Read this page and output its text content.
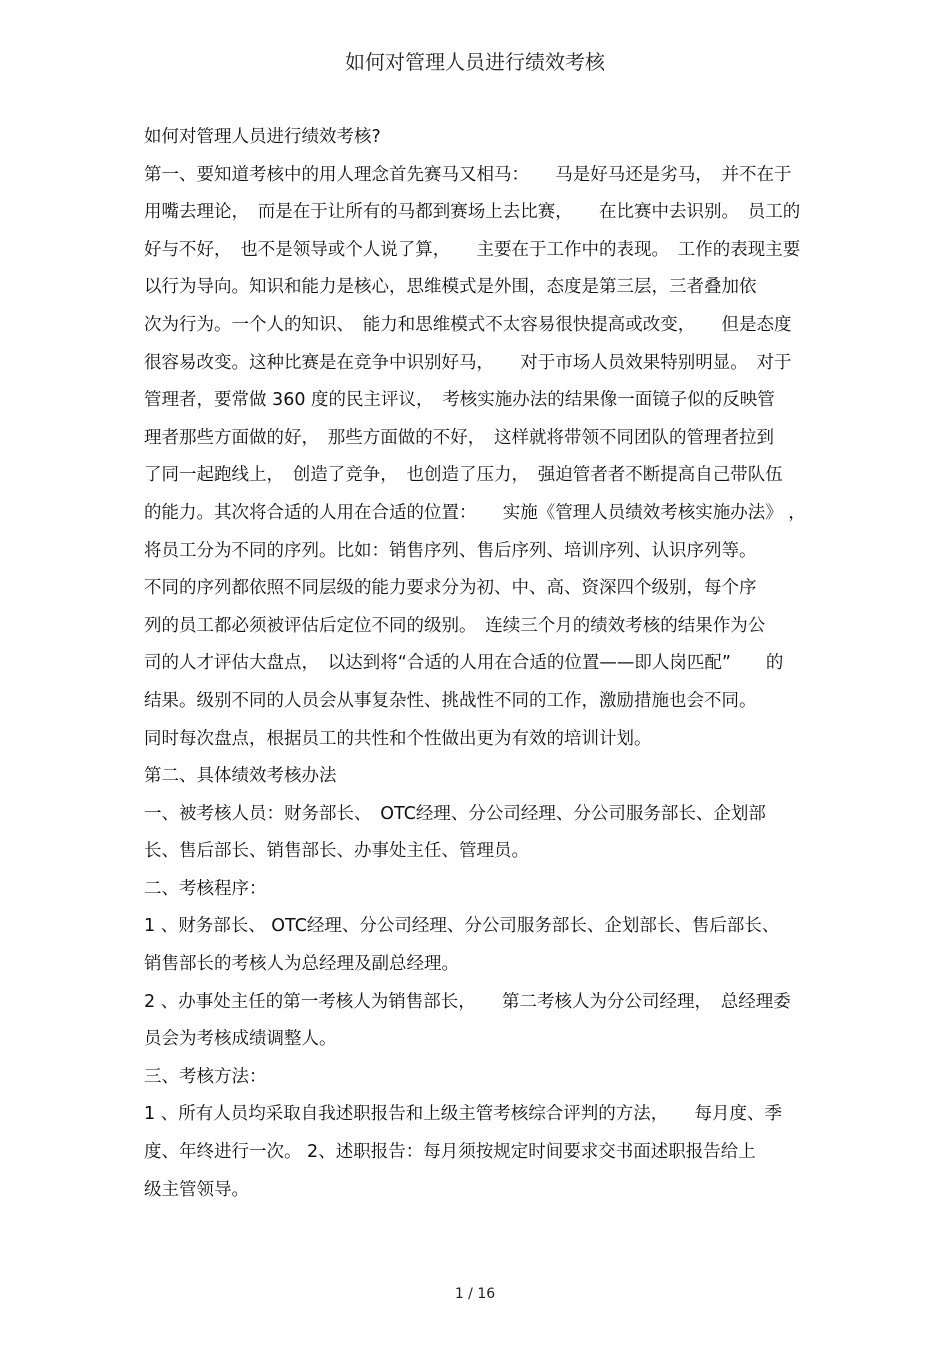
如何对管理人员进行绩效考核
如何对管理人员进行绩效考核?
第一、要知道考核中的用人理念首先赛马又相马：　　马是好马还是劣马，　并不在于
用嘴去理论，　而是在于让所有的马都到赛场上去比赛，　　在比赛中去识别。　员工的
好与不好，　也不是领导或个人说了算，　　主要在于工作中的表现。　工作的表现主要
以行为导向。知识和能力是核心，思维模式是外围，态度是第三层，三者叠加依
次为行为。一个人的知识、　能力和思维模式不太容易很快提高或改变，　　但是态度
很容易改变。这种比赛是在竞争中识别好马，　　对于市场人员效果特别明显。　对于
管理者，要常做 360 度的民主评议，　考核实施办法的结果像一面镜子似的反映管
理者那些方面做的好，　那些方面做的不好，　这样就将带领不同团队的管理者拉到
了同一起跑线上，　创造了竞争，　也创造了压力，　强迫管者者不断提高自己带队伍
的能力。其次将合适的人用在合适的位置：　　实施《管理人员绩效考核实施办法》 ，
将员工分为不同的序列。比如：销售序列、售后序列、培训序列、认识序列等。
不同的序列都依照不同层级的能力要求分为初、中、高、资深四个级别，每个序
列的员工都必须被评估后定位不同的级别。　连续三个月的绩效考核的结果作为公
司的人才评估大盘点，　以达到将“合适的人用在合适的位置——即人岗匹配”　　的
结果。级别不同的人员会从事复杂性、挑战性不同的工作，激励措施也会不同。
同时每次盘点，根据员工的共性和个性做出更为有效的培训计划。
第二、具体绩效考核办法
一、被考核人员：财务部长、　OTC经理、分公司经理、分公司服务部长、企划部
长、售后部长、销售部长、办事处主任、管理员。
二、考核程序：
1 、财务部长、 OTC经理、分公司经理、分公司服务部长、企划部长、售后部长、
销售部长的考核人为总经理及副总经理。
2 、办事处主任的第一考核人为销售部长，　　第二考核人为分公司经理，　总经理委
员会为考核成绩调整人。
三、考核方法：
1 、所有人员均采取自我述职报告和上级主管考核综合评判的方法，　　每月度、季
度、年终进行一次。 2、述职报告：每月须按规定时间要求交书面述职报告给上
级主管领导。
1 / 16
